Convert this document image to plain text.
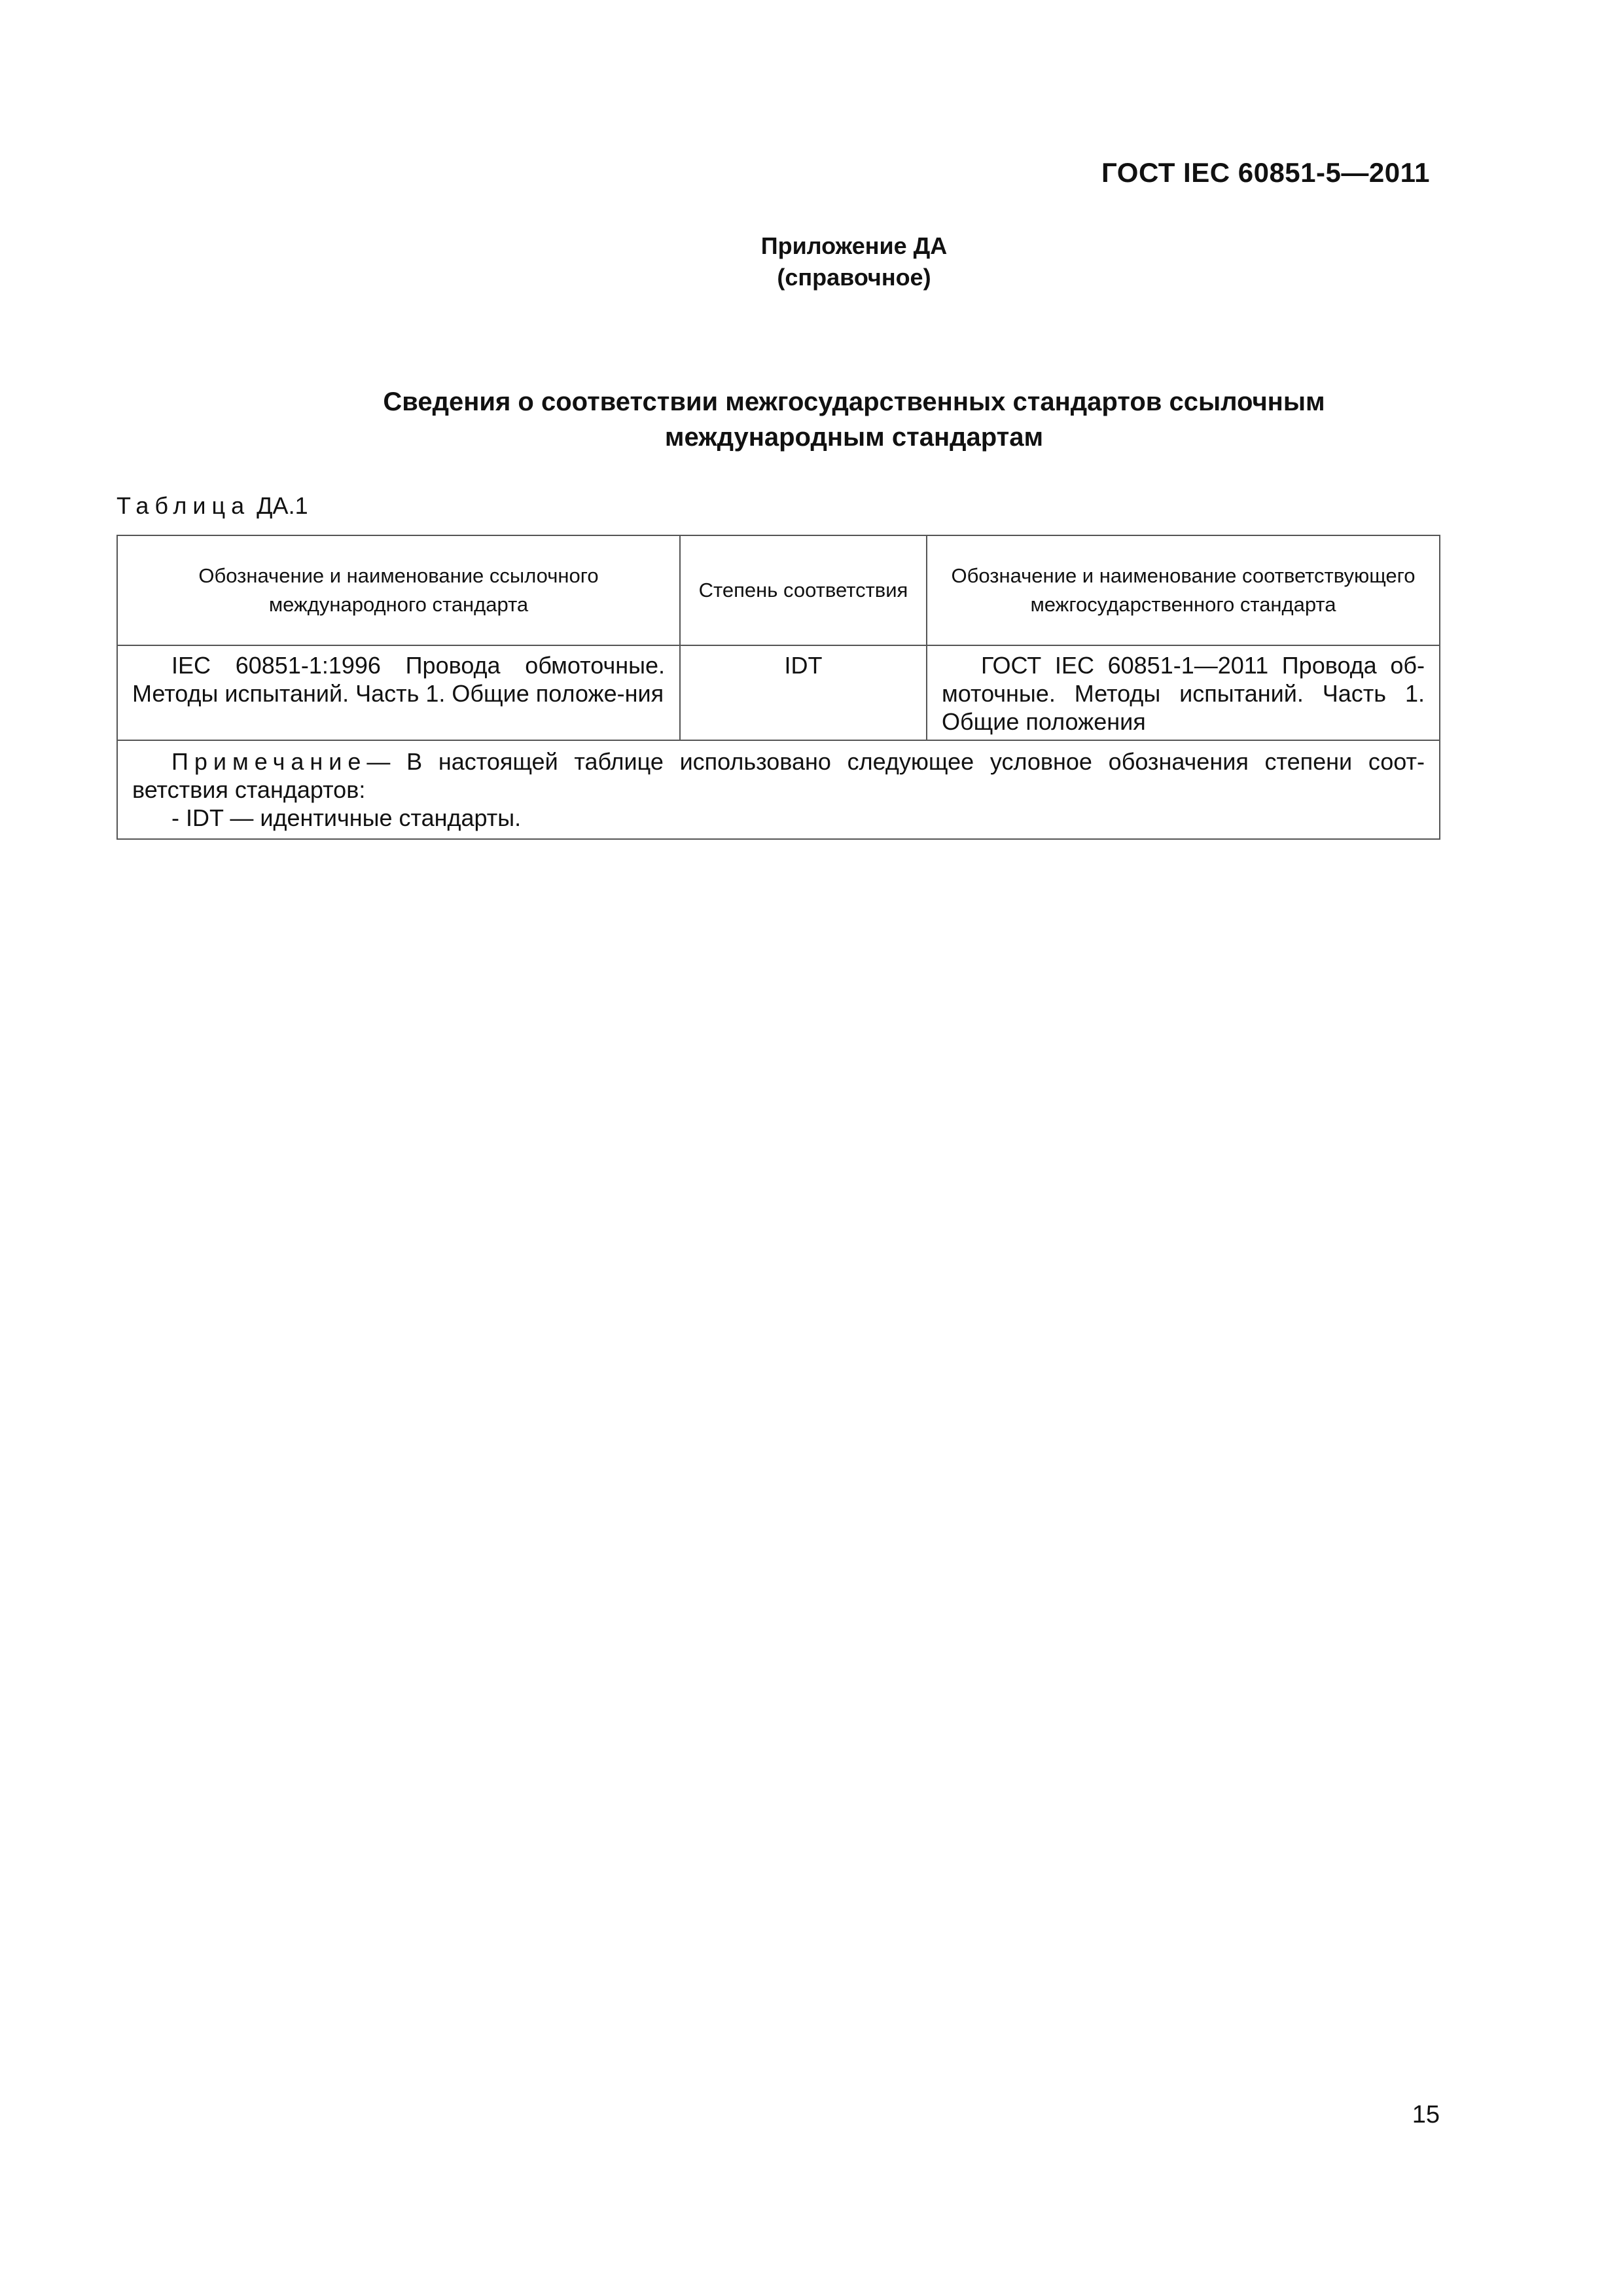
ГОСТ IEC 60851-5—2011
Приложение ДА
(справочное)
Сведения о соответствии межгосударственных стандартов ссылочным
международным стандартам
Таблица ДА.1
Обозначение и наименование ссылочного международного стандарта	Степень соответствия	Обозначение и наименование соответствующего межгосударственного стандарта
IEC 60851-1:1996 Провода обмоточные. Методы испытаний. Часть 1. Общие положе-ния	IDT	ГОСТ IEC 60851-1—2011 Провода об-моточные. Методы испытаний. Часть 1. Общие положения

Примечание— В настоящей таблице использовано следующее условное обозначения степени соот-ветствия стандартов:
- IDT — идентичные стандарты.		
15
